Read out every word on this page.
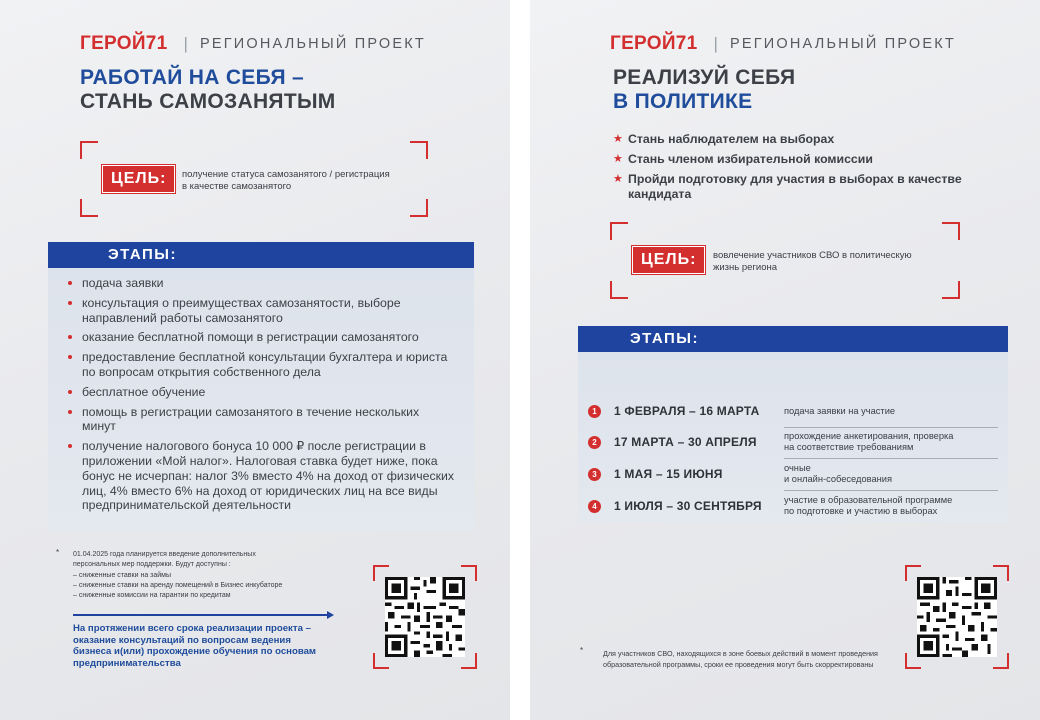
ГЕРОЙ71 | РЕГИОНАЛЬНЫЙ ПРОЕКТ
РАБОТАЙ НА СЕБЯ –
СТАНЬ САМОЗАНЯТЫМ
ЦЕЛЬ:	получение статуса самозанятого / регистрация
в качестве самозанятого
ЭТАПЫ:
подача заявки
консультация о преимуществах самозанятости, выборе направлений работы самозанятого
оказание бесплатной помощи в регистрации самозанятого
предоставление бесплатной консультации бухгалтера и юриста по вопросам открытия собственного дела
бесплатное обучение
помощь в регистрации самозанятого в течение нескольких минут
получение налогового бонуса 10 000 ₽ после регистрации в приложении «Мой налог». Налоговая ставка будет ниже, пока бонус не исчерпан: налог 3% вместо 4% на доход от физических лиц, 4% вместо 6% на доход от юридических лиц на все виды предпринимательской деятельности
* 01.04.2025 года планируется введение дополнительных
персональных мер поддержки. Будут доступны :
– сниженные ставки на займы
– сниженные ставки на аренду помещений в Бизнес инкубаторе
– сниженные комиссии на гарантии по кредитам
На протяжении всего срока реализации проекта –
оказание консультаций по вопросам ведения
бизнеса и(или) прохождение обучения по основам
предпринимательства
ГЕРОЙ71 | РЕГИОНАЛЬНЫЙ ПРОЕКТ
РЕАЛИЗУЙ СЕБЯ
В ПОЛИТИКЕ
★ Стань наблюдателем на выборах
★ Стань членом избирательной комиссии
★ Пройди подготовку для участия в выборах в качестве кандидата
ЦЕЛЬ:	вовлечение участников СВО в политическую
жизнь региона
ЭТАПЫ:
1	1 ФЕВРАЛЯ – 16 МАРТА	подача заявки на участие
2	17 МАРТА – 30 АПРЕЛЯ	прохождение анкетирования, проверка
на соответствие требованиям
3	1 МАЯ – 15 ИЮНЯ	очные
и онлайн-собеседования
4	1 ИЮЛЯ – 30 СЕНТЯБРЯ участие в образовательной программе
по подготовке и участию в выборах
*	Для участников СВО, находящихся в зоне боевых действий в момент проведения
образовательной программы, сроки ее проведения могут быть скорректированы
